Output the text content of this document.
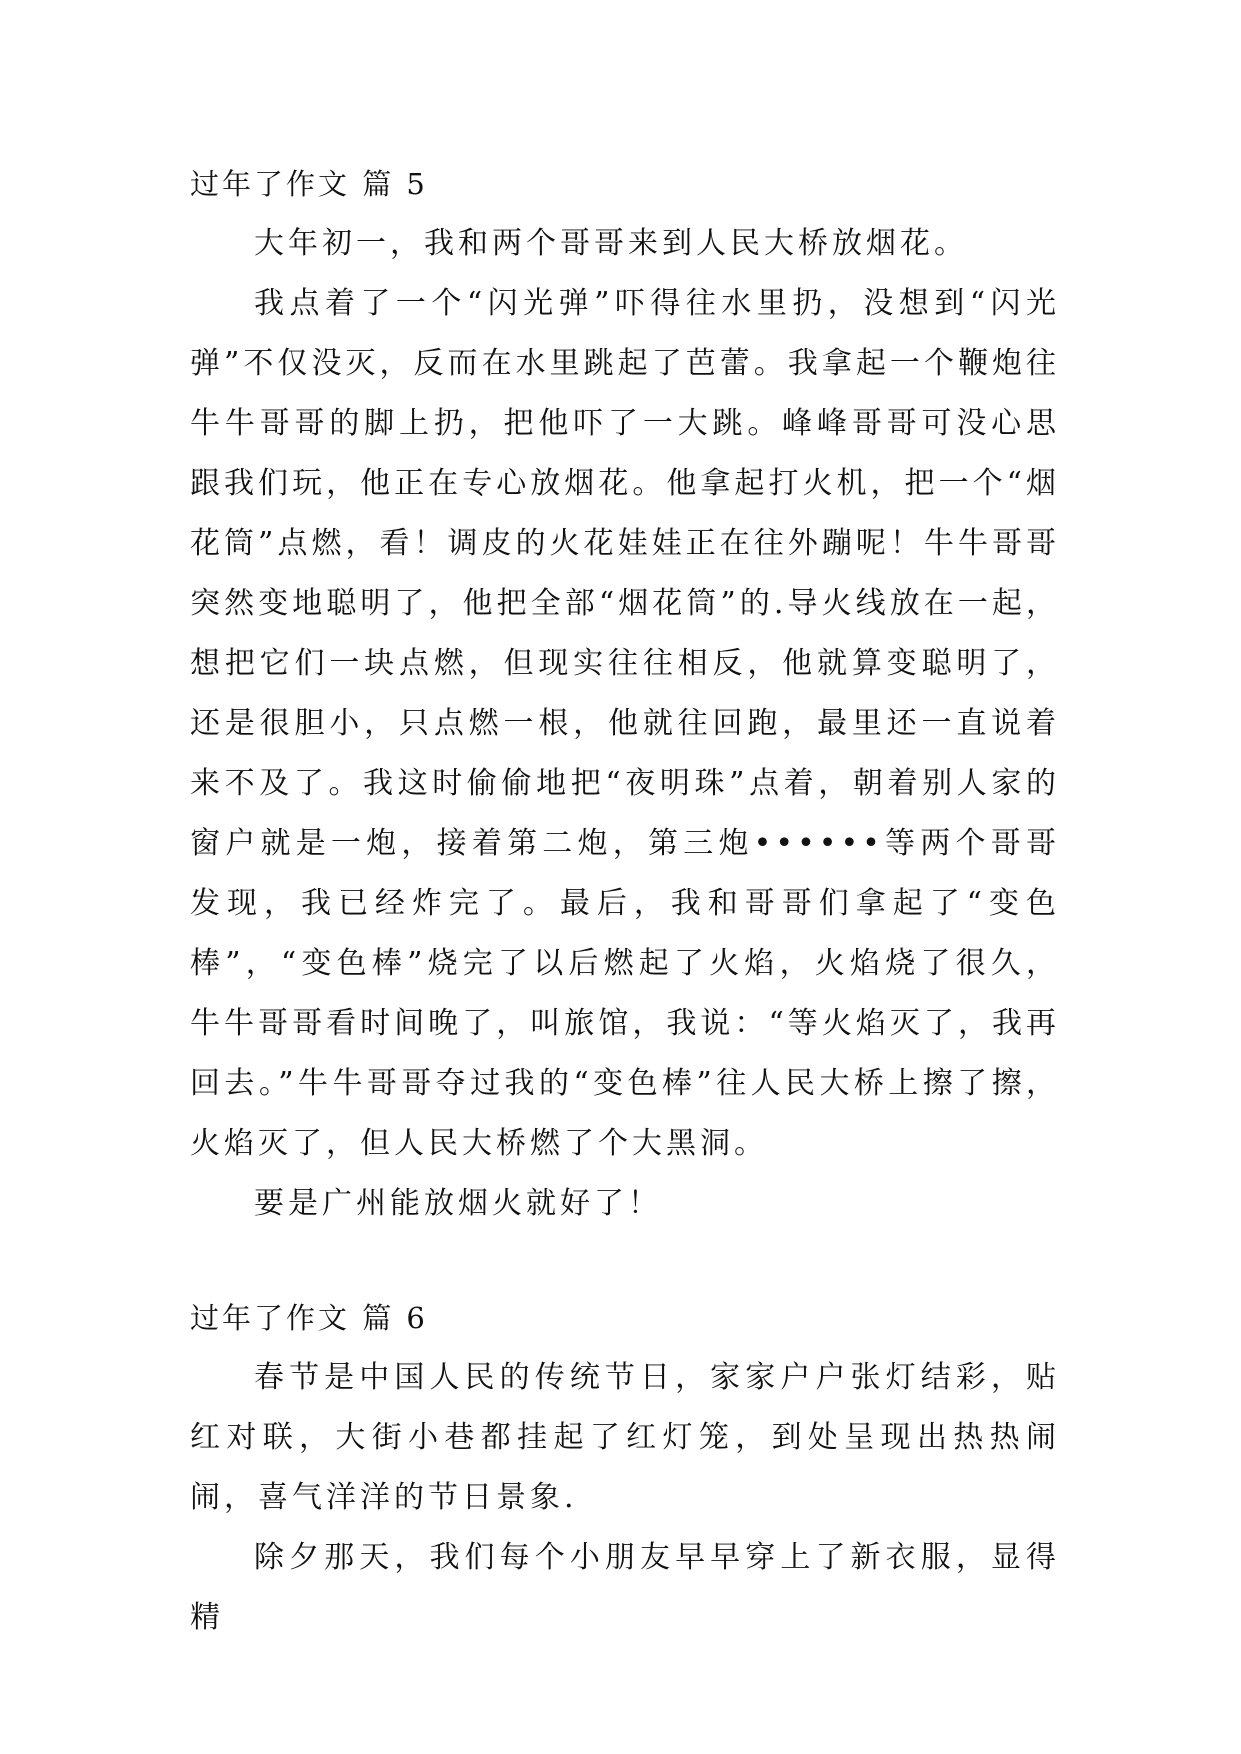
过年了作文 篇 5

大年初一，我和两个哥哥来到人民大桥放烟花。

我点着了一个“闪光弹”吓得往水里扔，没想到“闪光弹”不仅没灭，反而在水里跳起了芭蕾。我拿起一个鞭炮往牛牛哥哥的脚上扔，把他吓了一大跳。峰峰哥哥可没心思跟我们玩，他正在专心放烟花。他拿起打火机，把一个“烟花筒”点燃，看！调皮的火花娃娃正在往外蹦呢！牛牛哥哥突然变地聪明了，他把全部“烟花筒”的.导火线放在一起，想把它们一块点燃，但现实往往相反，他就算变聪明了，还是很胆小，只点燃一根，他就往回跑，最里还一直说着来不及了。我这时偷偷地把“夜明珠”点着，朝着别人家的窗户就是一炮，接着第二炮，第三炮••••••等两个哥哥发现，我已经炸完了。最后，我和哥哥们拿起了“变色棒”，“变色棒”烧完了以后燃起了火焰，火焰烧了很久，牛牛哥哥看时间晚了，叫旅馆，我说：“等火焰灭了，我再回去。”牛牛哥哥夺过我的“变色棒”往人民大桥上擦了擦，火焰灭了，但人民大桥燃了个大黑洞。

要是广州能放烟火就好了！

过年了作文 篇 6

春节是中国人民的传统节日，家家户户张灯结彩，贴红对联，大街小巷都挂起了红灯笼，到处呈现出热热闹闹，喜气洋洋的节日景象.

除夕那天，我们每个小朋友早早穿上了新衣服，显得精
